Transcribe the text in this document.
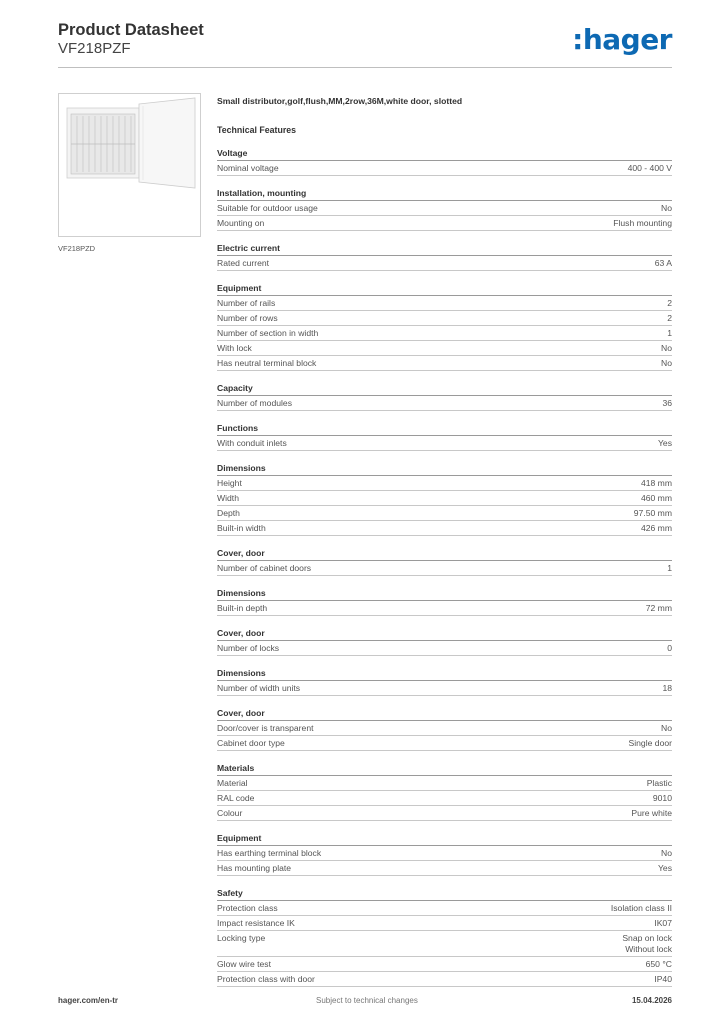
Product Datasheet
VF218PZF	:hager
VF218PZD
Small distributor,golf,flush,MM,2row,36M,white door, slotted
Technical Features
Voltage
Nominal voltage	400 - 400 V
Installation, mounting
Suitable for outdoor usage	No
Mounting on	Flush mounting
Electric current
Rated current	63 A
Equipment
Number of rails	2
Number of rows	2
Number of section in width	1
With lock	No
Has neutral terminal block	No
Capacity
Number of modules	36
Functions
With conduit inlets	Yes
Dimensions
Height	418 mm
Width	460 mm
Depth	97.50 mm
Built-in width	426 mm
Cover, door
Number of cabinet doors	1
Dimensions
Built-in depth	72 mm
Cover, door
Number of locks	0
Dimensions
Number of width units	18
Cover, door
Door/cover is transparent	No
Cabinet door type	Single door
Materials
Material	Plastic
RAL code	9010
Colour	Pure white
Equipment
Has earthing terminal block	No
Has mounting plate	Yes
Safety
Protection class	Isolation class II
Impact resistance IK	IK07
Locking type	Snap on lock
Without lock
Glow wire test	650 °C
Protection class with door	IP40
hager.com/en-tr	Subject to technical changes	15.04.2026
